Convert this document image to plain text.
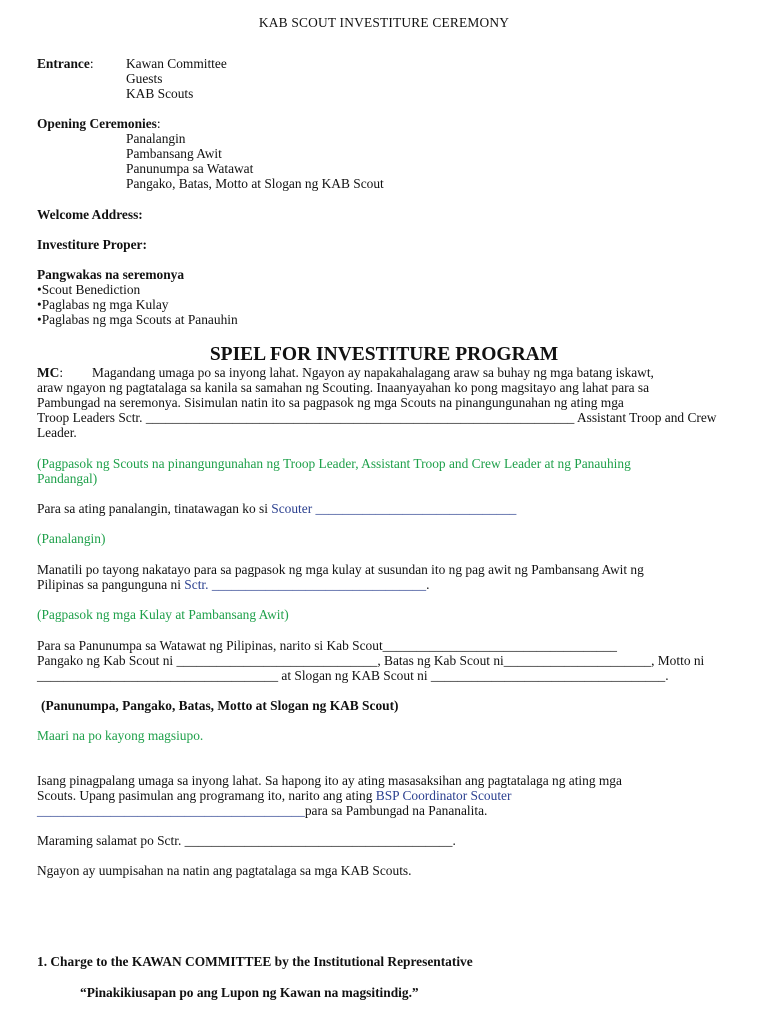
KAB SCOUT INVESTITURE CEREMONY
Entrance: Kawan Committee
Guests
KAB Scouts
Opening Ceremonies:
Panalangin
Pambansang Awit
Panunumpa sa Watawat
Pangako, Batas, Motto at Slogan ng KAB Scout
Welcome Address:
Investiture Proper:
Pangwakas na seremonya
•Scout Benediction
•Paglabas ng mga Kulay
•Paglabas ng mga Scouts at Panauhin
SPIEL FOR INVESTITURE PROGRAM
MC: Magandang umaga po sa inyong lahat. Ngayon ay napakahalagang araw sa buhay ng mga batang iskawt,
araw ngayon ng pagtatalaga sa kanila sa samahan ng Scouting. Inaanyayahan ko pong magsitayo ang lahat para sa
Pambungad na seremonya. Sisimulan natin ito sa pagpasok ng mga Scouts na pinangungunahan ng ating mga
Troop Leaders Sctr. ________________________________________________________________ Assistant Troop and Crew
Leader.
(Pagpasok ng Scouts na pinangungunahan ng Troop Leader, Assistant Troop and Crew Leader at ng Panauhing
Pandangal)
Para sa ating panalangin, tinatawagan ko si Scouter ______________________________
(Panalangin)
Manatili po tayong nakatayo para sa pagpasok ng mga kulay at susundan ito ng pag awit ng Pambansang Awit ng
Pilipinas sa pangunguna ni Sctr. ________________________________.
(Pagpasok ng mga Kulay at Pambansang Awit)
Para sa Panunumpa sa Watawat ng Pilipinas, narito si Kab Scout___________________________________
Pangako ng Kab Scout ni ______________________________, Batas ng Kab Scout ni______________________, Motto ni
____________________________________ at Slogan ng KAB Scout ni ___________________________________.
(Panunumpa, Pangako, Batas, Motto at Slogan ng KAB Scout)
Maari na po kayong magsiupo.
Isang pinagpalang umaga sa inyong lahat. Sa hapong ito ay ating masasaksihan ang pagtatalaga ng ating mga
Scouts. Upang pasimulan ang programang ito, narito ang ating BSP Coordinator Scouter
________________________________________para sa Pambungad na Pananalita.
Maraming salamat po Sctr. ________________________________________.
Ngayon ay uumpisahan na natin ang pagtatalaga sa mga KAB Scouts.
1. Charge to the KAWAN COMMITTEE by the Institutional Representative
“Pinakikiusapan po ang Lupon ng Kawan na magsitindig.”
